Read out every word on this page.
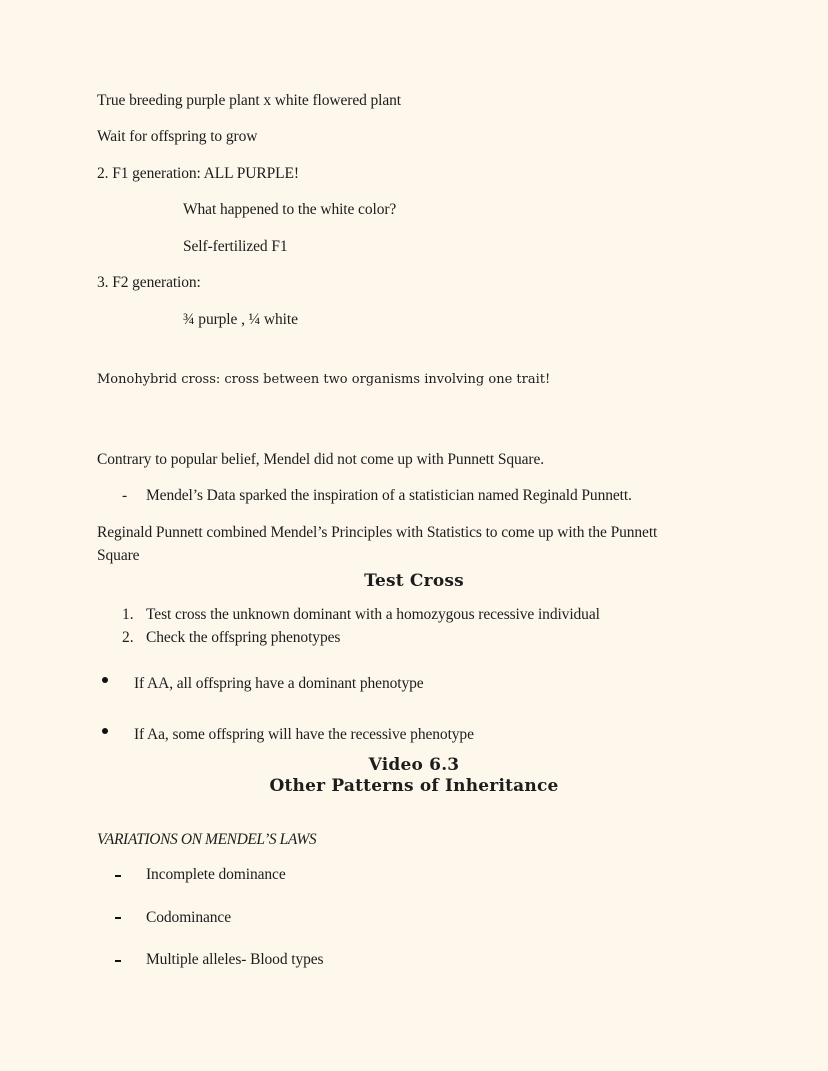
True breeding purple plant x white flowered plant
Wait for offspring to grow
2. F1 generation: ALL PURPLE!
What happened to the white color?
Self-fertilized F1
3. F2 generation:
¾ purple , ¼ white
Monohybrid cross: cross between two organisms involving one trait!
Contrary to popular belief, Mendel did not come up with Punnett Square.
- Mendel’s Data sparked the inspiration of a statistician named Reginald Punnett.
Reginald Punnett combined Mendel’s Principles with Statistics to come up with the Punnett
Square
Test Cross
1. Test cross the unknown dominant with a homozygous recessive individual
2. Check the offspring phenotypes
If AA, all offspring have a dominant phenotype
If Aa, some offspring will have the recessive phenotype
Video 6.3
Other Patterns of Inheritance
VARIATIONS ON MENDEL’S LAWS
Incomplete dominance
Codominance
Multiple alleles- Blood types
